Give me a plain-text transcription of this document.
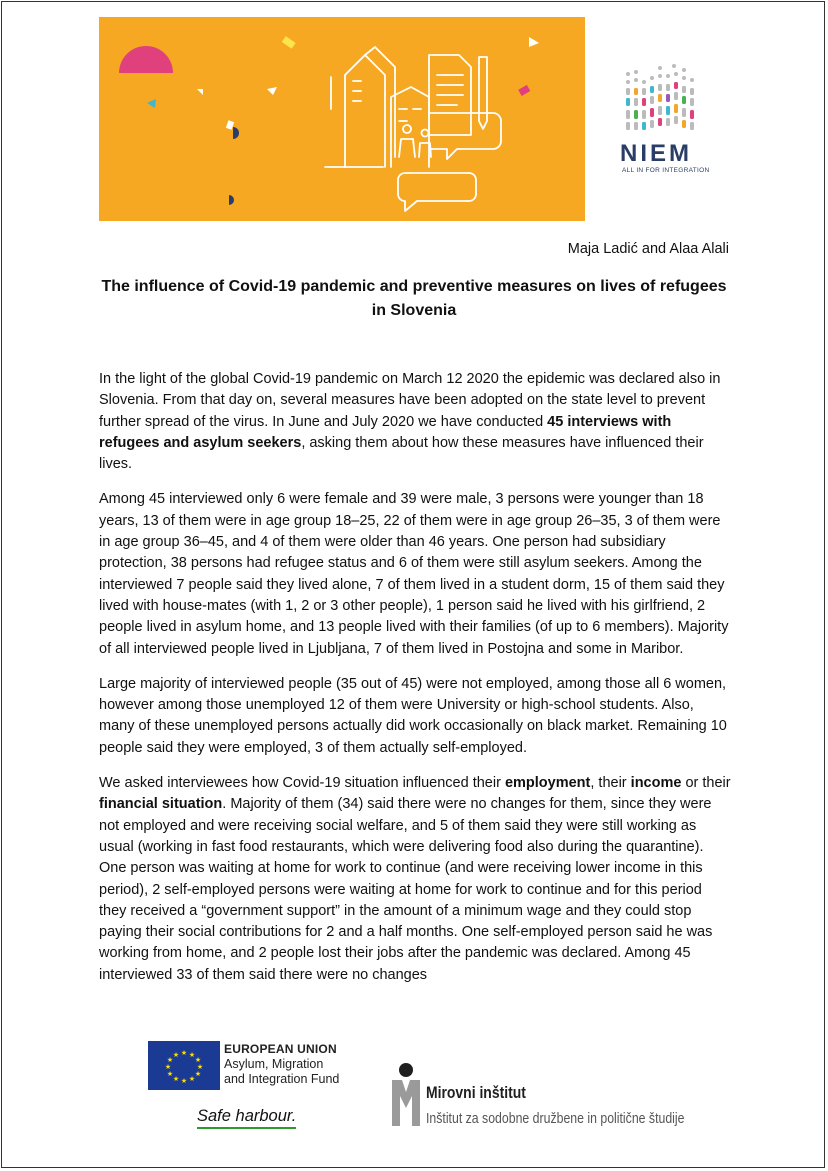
NIEM
ALL IN FOR INTEGRATION
Maja Ladić and Alaa Alali
The influence of Covid-19 pandemic and preventive measures on lives of refugees in Slovenia

In the light of the global Covid-19 pandemic on March 12 2020 the epidemic was declared also in Slovenia. From that day on, several measures have been adopted on the state level to prevent further spread of the virus. In June and July 2020 we have conducted 45 interviews with refugees and asylum seekers, asking them about how these measures have influenced their lives.

Among 45 interviewed only 6 were female and 39 were male, 3 persons were younger than 18 years, 13 of them were in age group 18–25, 22 of them were in age group 26–35, 3 of them were in age group 36–45, and 4 of them were older than 46 years. One person had subsidiary protection, 38 persons had refugee status and 6 of them were still asylum seekers. Among the interviewed 7 people said they lived alone, 7 of them lived in a student dorm, 15 of them said they lived with house-mates (with 1, 2 or 3 other people), 1 person said he lived with his girlfriend, 2 people lived in asylum home, and 13 people lived with their families (of up to 6 members). Majority of all interviewed people lived in Ljubljana, 7 of them lived in Postojna and some in Maribor.

Large majority of interviewed people (35 out of 45) were not employed, among those all 6 women, however among those unemployed 12 of them were University or high-school students. Also, many of these unemployed persons actually did work occasionally on black market. Remaining 10 people said they were employed, 3 of them actually self-employed.

We asked interviewees how Covid-19 situation influenced their employment, their income or their financial situation. Majority of them (34) said there were no changes for them, since they were not employed and were receiving social welfare, and 5 of them said they were still working as usual (working in fast food restaurants, which were delivering food also during the quarantine). One person was waiting at home for work to continue (and were receiving lower income in this period), 2 self-employed persons were waiting at home for work to continue and for this period they received a “government support” in the amount of a minimum wage and they could stop paying their social contributions for 2 and a half months. One self-employed person said he was working from home, and 2 people lost their jobs after the pandemic was declared. Among 45 interviewed 33 of them said there were no changes

★ ★
★
★
★
★
★
★
★
★
★
★	EUROPEAN UNION
Asylum, Migration
and Integration Fund
Safe harbour.
Mirovni inštitut
Inštitut za sodobne družbene in politične študije
